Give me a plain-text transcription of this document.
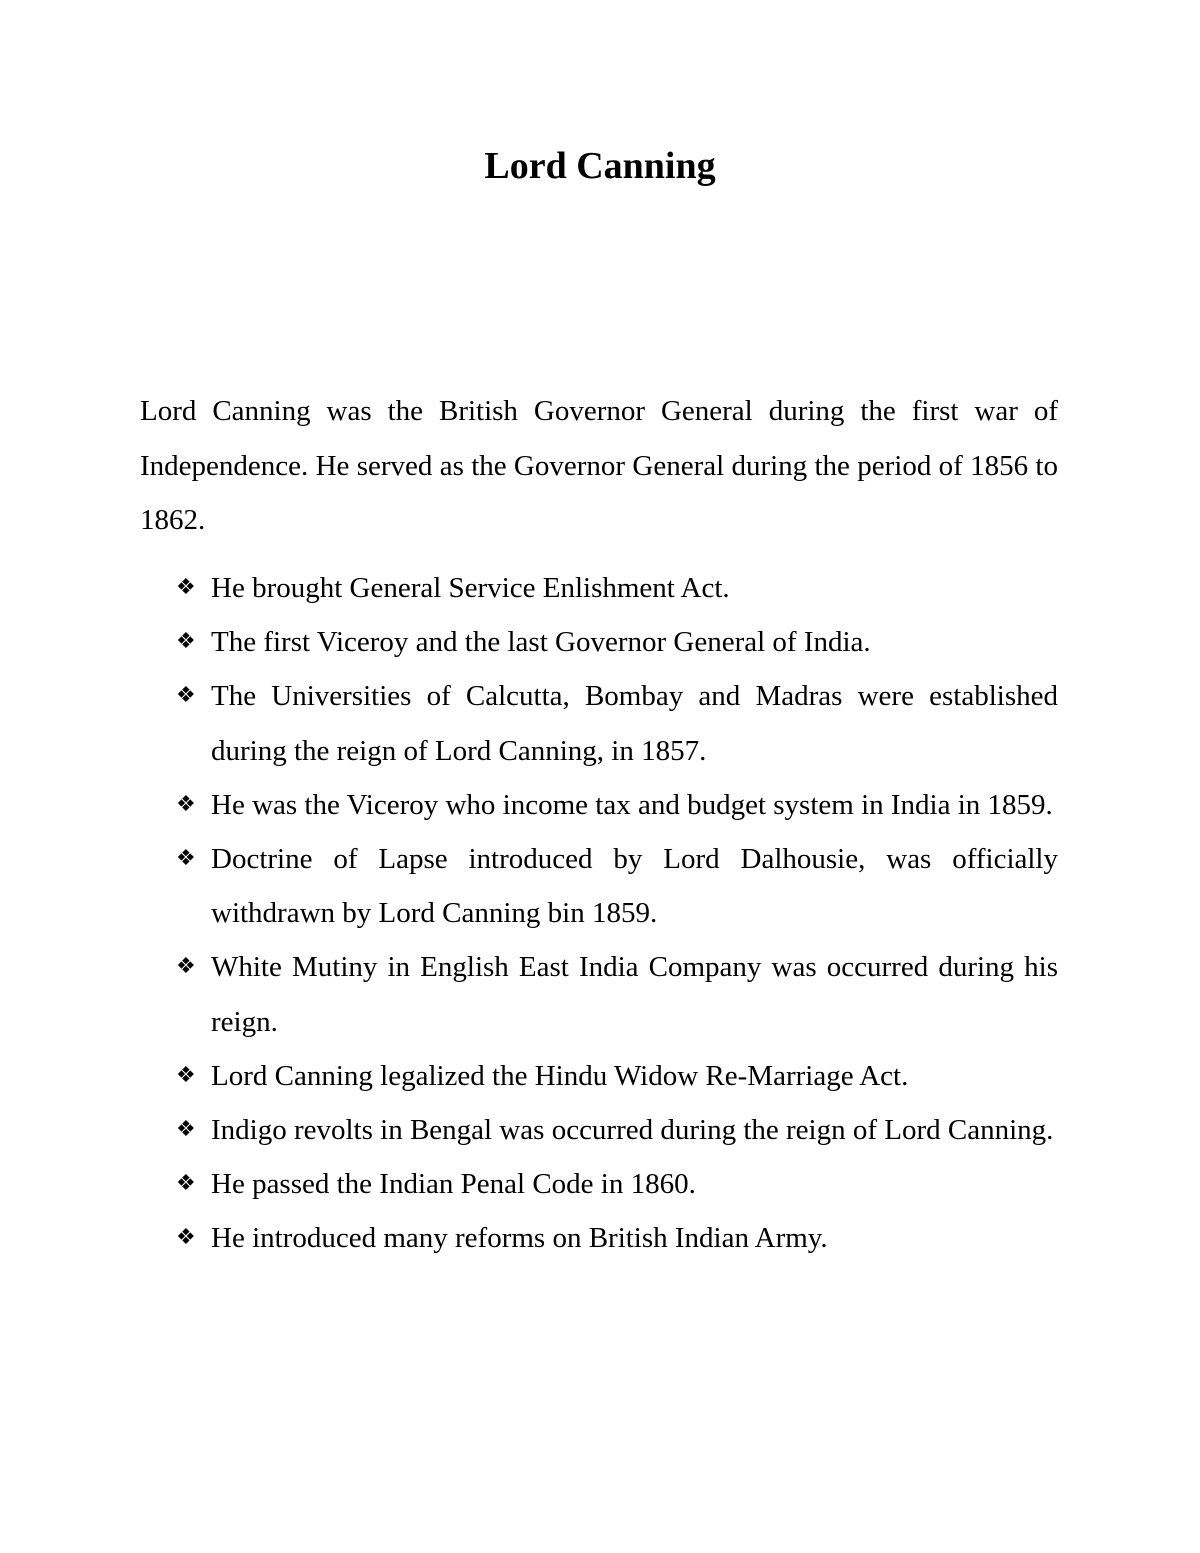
Lord Canning

Lord Canning was the British Governor General during the first war of Independence. He served as the Governor General during the period of 1856 to 1862.

❖ He brought General Service Enlishment Act.
❖ The first Viceroy and the last Governor General of India.
❖ The Universities of Calcutta, Bombay and Madras were established during the reign of Lord Canning, in 1857.
❖ He was the Viceroy who income tax and budget system in India in 1859.
❖ Doctrine of Lapse introduced by Lord Dalhousie, was officially withdrawn by Lord Canning bin 1859.
❖ White Mutiny in English East India Company was occurred during his reign.
❖ Lord Canning legalized the Hindu Widow Re-Marriage Act.
❖ Indigo revolts in Bengal was occurred during the reign of Lord Canning.
❖ He passed the Indian Penal Code in 1860.
❖ He introduced many reforms on British Indian Army.
